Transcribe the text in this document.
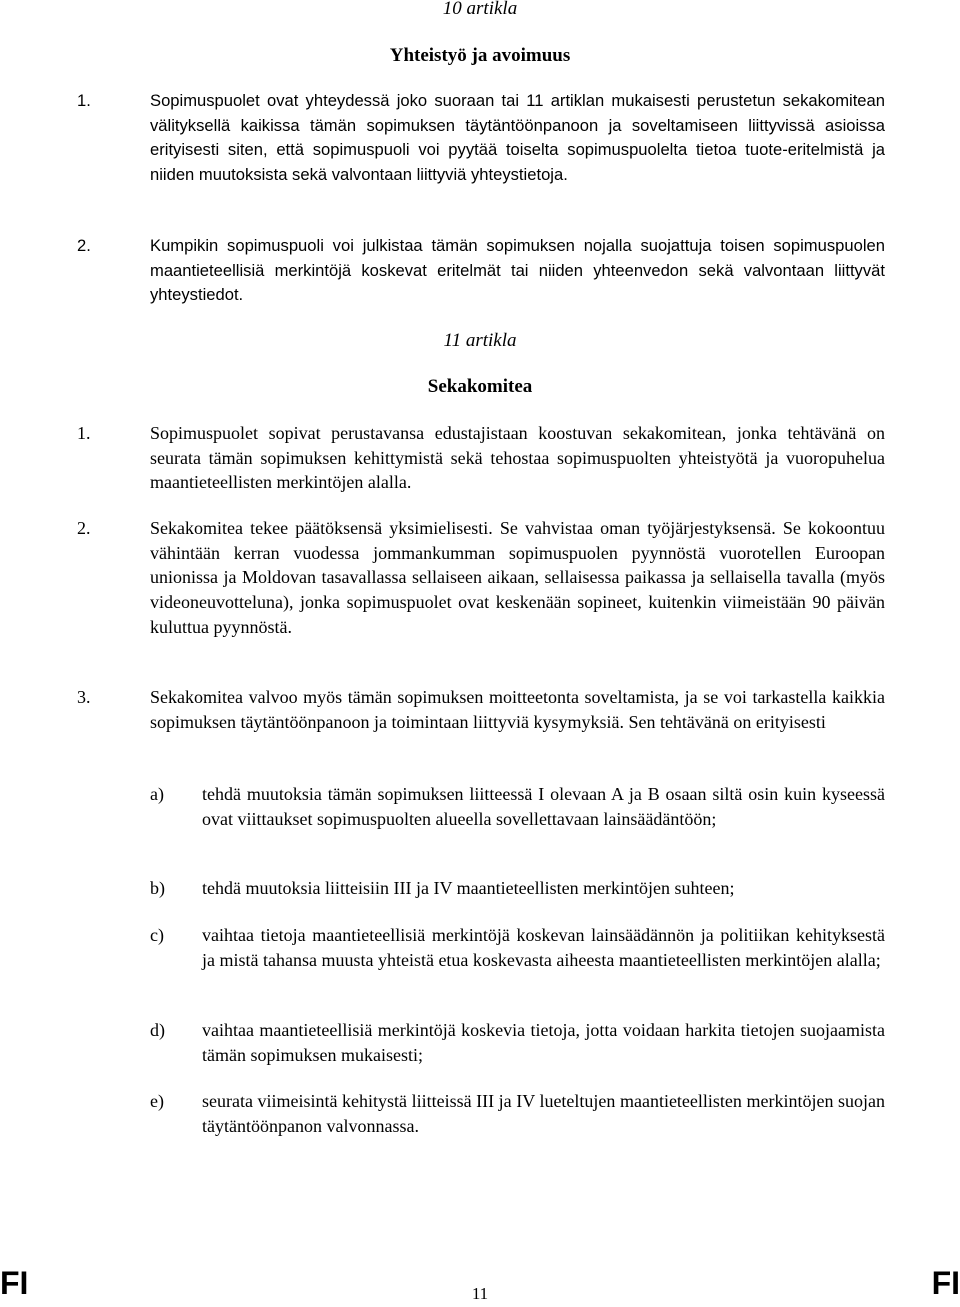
10 artikla
Yhteistyö ja avoimuus
1.	Sopimuspuolet ovat yhteydessä joko suoraan tai 11 artiklan mukaisesti perustetun sekakomitean välityksellä kaikissa tämän sopimuksen täytäntöönpanoon ja soveltamiseen liittyvissä asioissa erityisesti siten, että sopimuspuoli voi pyytää toiselta sopimuspuolelta tietoa tuote-eritelmistä ja niiden muutoksista sekä valvontaan liittyviä yhteystietoja.
2.	Kumpikin sopimuspuoli voi julkistaa tämän sopimuksen nojalla suojattuja toisen sopimuspuolen maantieteellisiä merkintöjä koskevat eritelmät tai niiden yhteenvedon sekä valvontaan liittyvät yhteystiedot.
11 artikla
Sekakomitea
1.	Sopimuspuolet sopivat perustavansa edustajistaan koostuvan sekakomitean, jonka tehtävänä on seurata tämän sopimuksen kehittymistä sekä tehostaa sopimuspuolten yhteistyötä ja vuoropuhelua maantieteellisten merkintöjen alalla.
2.	Sekakomitea tekee päätöksensä yksimielisesti. Se vahvistaa oman työjärjestyksensä. Se kokoontuu vähintään kerran vuodessa jommankumman sopimuspuolen pyynnöstä vuorotellen Euroopan unionissa ja Moldovan tasavallassa sellaiseen aikaan, sellaisessa paikassa ja sellaisella tavalla (myös videoneuvotteluna), jonka sopimuspuolet ovat keskenään sopineet, kuitenkin viimeistään 90 päivän kuluttua pyynnöstä.
3.	Sekakomitea valvoo myös tämän sopimuksen moitteetonta soveltamista, ja se voi tarkastella kaikkia sopimuksen täytäntöönpanoon ja toimintaan liittyviä kysymyksiä. Sen tehtävänä on erityisesti
a) tehdä muutoksia tämän sopimuksen liitteessä I olevaan A ja B osaan siltä osin kuin kyseessä ovat viittaukset sopimuspuolten alueella sovellettavaan lainsäädäntöön;
b) tehdä muutoksia liitteisiin III ja IV maantieteellisten merkintöjen suhteen;
c) vaihtaa tietoja maantieteellisiä merkintöjä koskevan lainsäädännön ja politiikan kehityksestä ja mistä tahansa muusta yhteistä etua koskevasta aiheesta maantieteellisten merkintöjen alalla;
d) vaihtaa maantieteellisiä merkintöjä koskevia tietoja, jotta voidaan harkita tietojen suojaamista tämän sopimuksen mukaisesti;
e) seurata viimeisintä kehitystä liitteissä III ja IV lueteltujen maantieteellisten merkintöjen suojan täytäntöönpanon valvonnassa.
FI	11	FI
